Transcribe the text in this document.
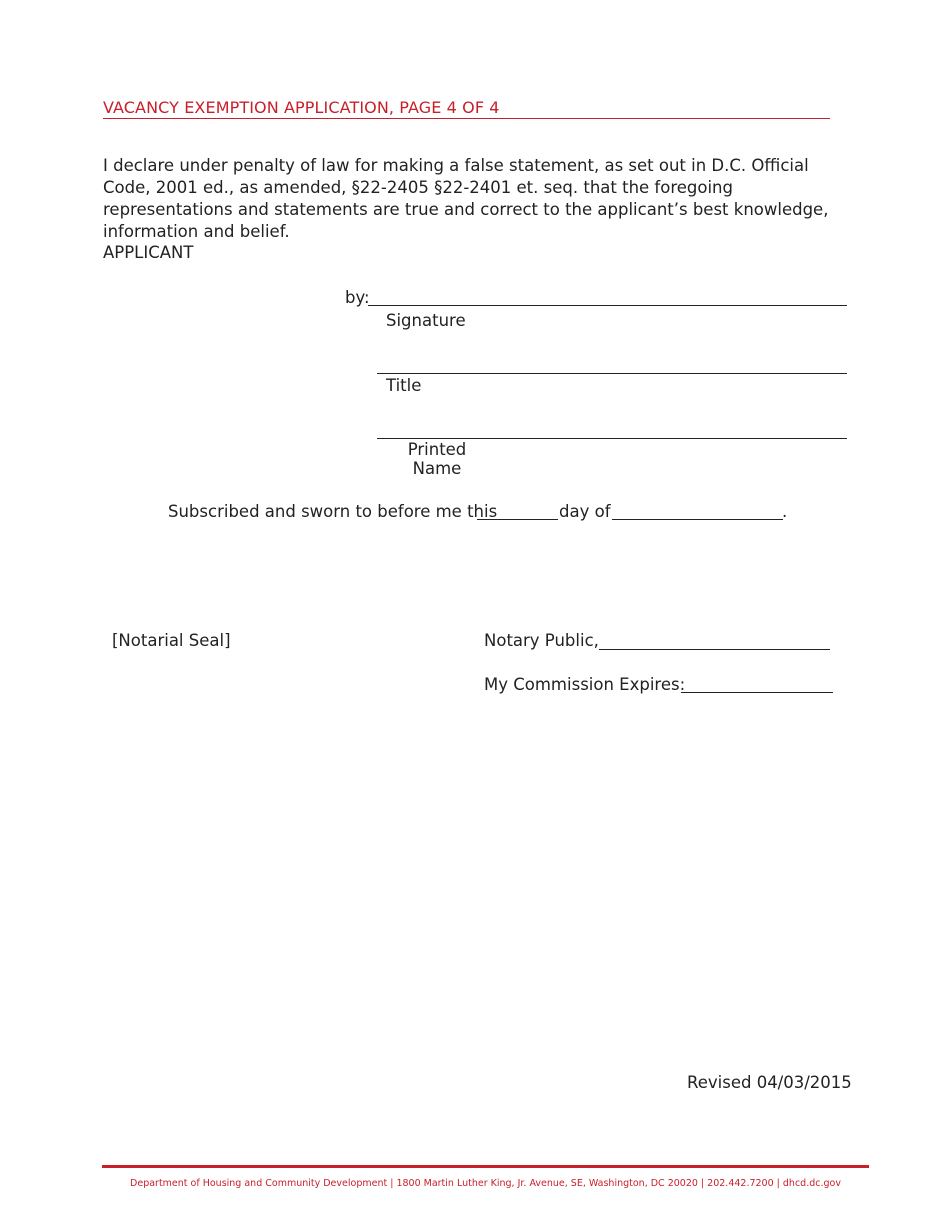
VACANCY EXEMPTION APPLICATION, PAGE 4 OF 4
I declare under penalty of law for making a false statement, as set out in D.C. Official Code, 2001 ed., as amended, §22-2405 §22-2401 et. seq. that the foregoing representations and statements are true and correct to the applicant’s best knowledge, information and belief.
APPLICANT
by:
Signature
Title
Printed
Name
Subscribed and sworn to before me this	day of	.
[Notarial Seal]	Notary Public,
My Commission Expires:
Revised 04/03/2015
Department of Housing and Community Development | 1800 Martin Luther King, Jr. Avenue, SE, Washington, DC 20020 | 202.442.7200 | dhcd.dc.gov
